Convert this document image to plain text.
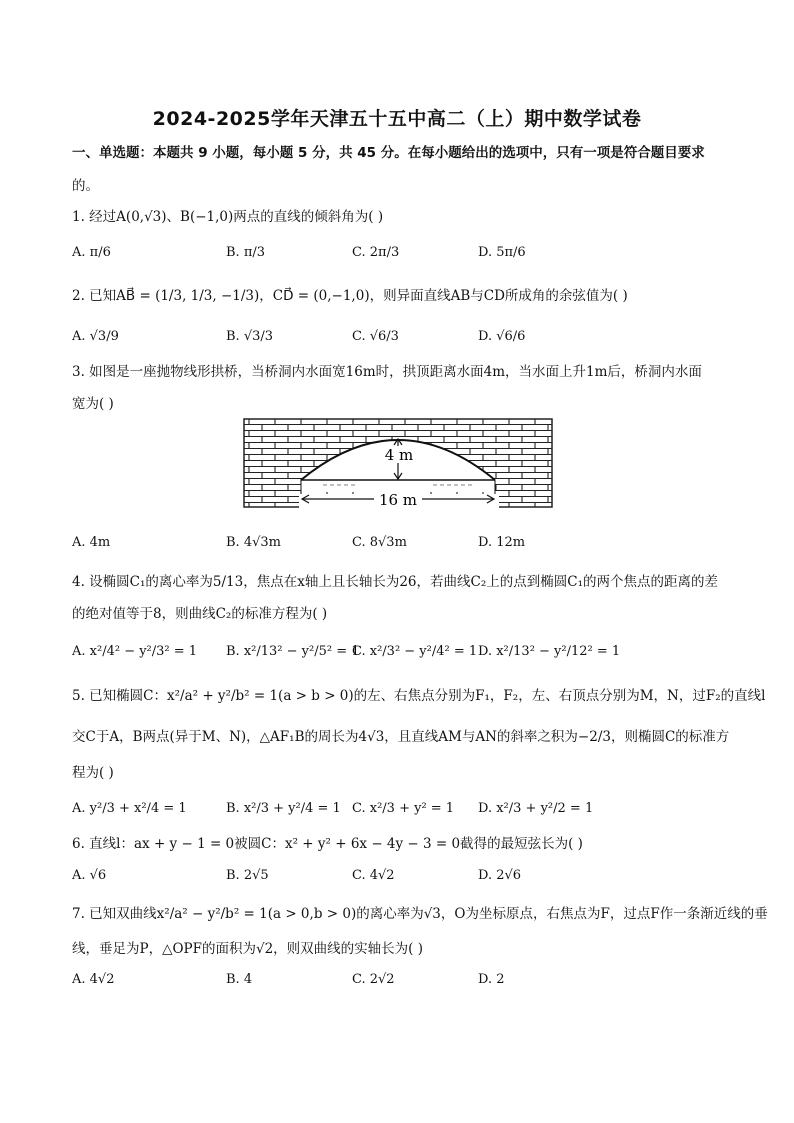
2024-2025学年天津五十五中高二（上）期中数学试卷
一、单选题：本题共 9 小题，每小题 5 分，共 45 分。在每小题给出的选项中，只有一项是符合题目要求
的。
1. 经过A(0,√3)、B(−1,0)两点的直线的倾斜角为( )
A. π/6	B. π/3	C. 2π/3	D. 5π/6
2. 已知AB⃗ = (1/3, 1/3, −1/3)，CD⃗ = (0,−1,0)，则异面直线AB与CD所成角的余弦值为( )
A. √3/9	B. √3/3	C. √6/3	D. √6/6
3. 如图是一座抛物线形拱桥，当桥洞内水面宽16m时，拱顶距离水面4m，当水面上升1m后，桥洞内水面
宽为( )
4 m
16 m
A. 4m	B. 4√3m	C. 8√3m	D. 12m
4. 设椭圆C₁的离心率为5/13，焦点在x轴上且长轴长为26，若曲线C₂上的点到椭圆C₁的两个焦点的距离的差
的绝对值等于8，则曲线C₂的标准方程为( )
A. x²/4² − y²/3² = 1 B. x²/13² − y²/5² = 1
C. x²/3² − y²/4² = 1 D. x²/13² − y²/12² = 1
5. 已知椭圆C：x²/a² + y²/b² = 1(a > b > 0)的左、右焦点分别为F₁，F₂，左、右顶点分别为M，N，过F₂的直线l
交C于A，B两点(异于M、N)，△AF₁B的周长为4√3，且直线AM与AN的斜率之积为−2/3，则椭圆C的标准方
程为( )
A. y²/3 + x²/4 = 1	B. x²/3 + y²/4 = 1 C. x²/3 + y² = 1 D. x²/3 + y²/2 = 1
6. 直线l：ax + y − 1 = 0被圆C：x² + y² + 6x − 4y − 3 = 0截得的最短弦长为( )
A. √6	B. 2√5	C. 4√2	D. 2√6
7. 已知双曲线x²/a² − y²/b² = 1(a > 0,b > 0)的离心率为√3，O为坐标原点，右焦点为F，过点F作一条渐近线的垂
线，垂足为P，△OPF的面积为√2，则双曲线的实轴长为( )
A. 4√2	B. 4	C. 2√2	D. 2
